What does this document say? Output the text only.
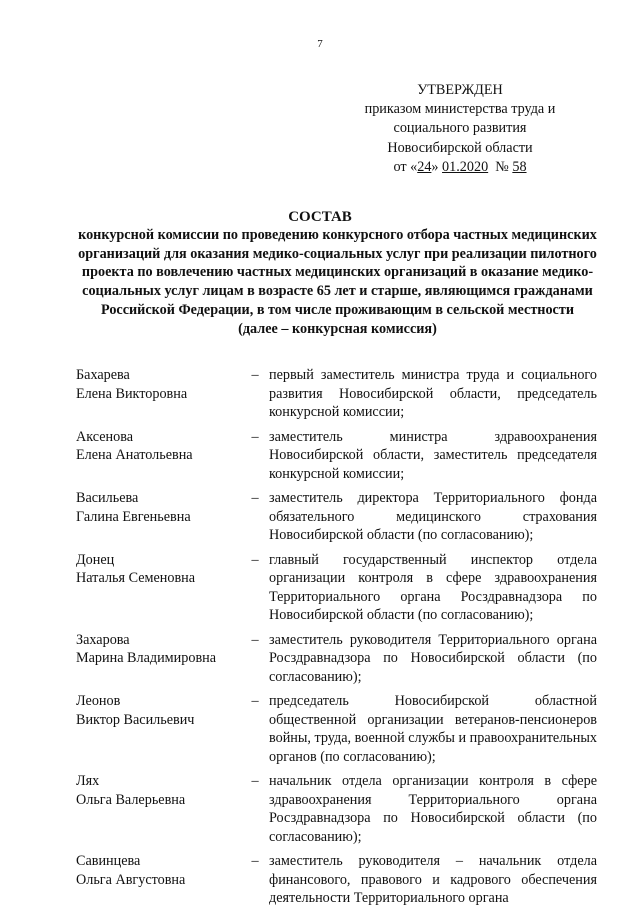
7
УТВЕРЖДЕН
приказом министерства труда и
социального развития
Новосибирской области
от «24» 01.2020 № 58
СОСТАВ
конкурсной комиссии по проведению конкурсного отбора частных медицинских организаций для оказания медико-социальных услуг при реализации пилотного проекта по вовлечению частных медицинских организаций в оказание медико-социальных услуг лицам в возрасте 65 лет и старше, являющимся гражданами Российской Федерации, в том числе проживающим в сельской местности
(далее – конкурсная комиссия)
Бахарева
Елена Викторовна
– первый заместитель министра труда и социального развития Новосибирской области, председатель конкурсной комиссии;
Аксенова
Елена Анатольевна
– заместитель министра здравоохранения Новосибирской области, заместитель председателя конкурсной комиссии;
Васильева
Галина Евгеньевна
– заместитель директора Территориального фонда обязательного медицинского страхования Новосибирской области (по согласованию);
Донец
Наталья Семеновна
– главный государственный инспектор отдела организации контроля в сфере здравоохранения Территориального органа Росздравнадзора по Новосибирской области (по согласованию);
Захарова
Марина Владимировна
– заместитель руководителя Территориального органа Росздравнадзора по Новосибирской области (по согласованию);
Леонов
Виктор Васильевич
– председатель Новосибирской областной общественной организации ветеранов-пенсионеров войны, труда, военной службы и правоохранительных органов (по согласованию);
Лях
Ольга Валерьевна
– начальник отдела организации контроля в сфере здравоохранения Территориального органа Росздравнадзора по Новосибирской области (по согласованию);
Савинцева
Ольга Августовна
– заместитель руководителя – начальник отдела финансового, правового и кадрового обеспечения деятельности Территориального органа
